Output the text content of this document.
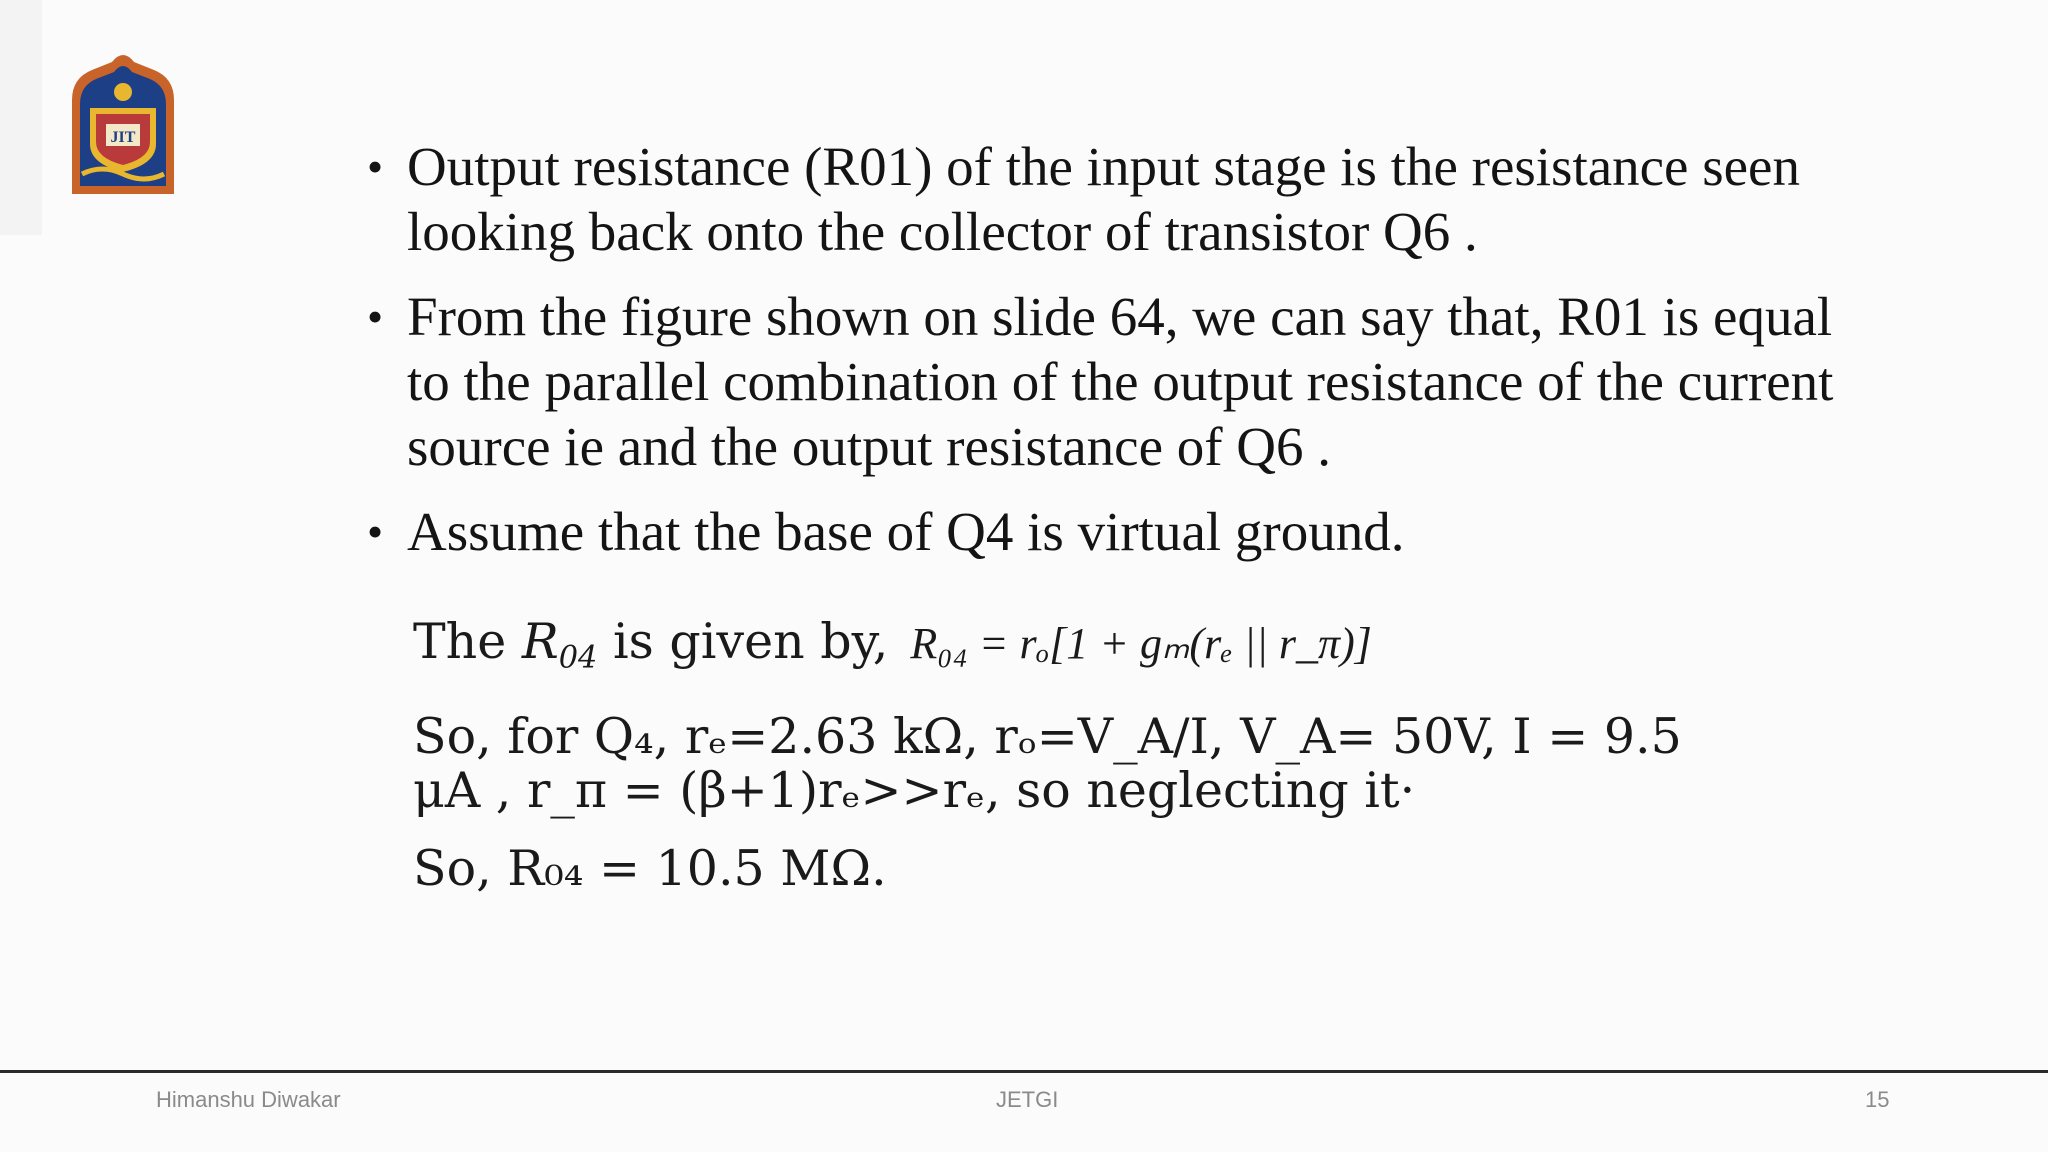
JIT
• Output resistance (R01) of the input stage is the resistance seen looking back onto the collector of transistor Q6 .
• From the figure shown on slide 64, we can say that, R01 is equal to the parallel combination of the output resistance of the current source ie and the output resistance of Q6 .
• Assume that the base of Q4 is virtual ground.
The $R_{04}$ is given by, R₀₄ = rₒ[1 + gₘ(rₑ || r_π)]
So, for Q₄, rₑ=2.63 kΩ, rₒ=V_A/I, V_A= 50V, I = 9.5
μA , r_π = (β+1)rₑ>>rₑ, so neglecting it·
So, R₀₄ = 10.5 MΩ.
Himanshu Diwakar	JETGI	15
